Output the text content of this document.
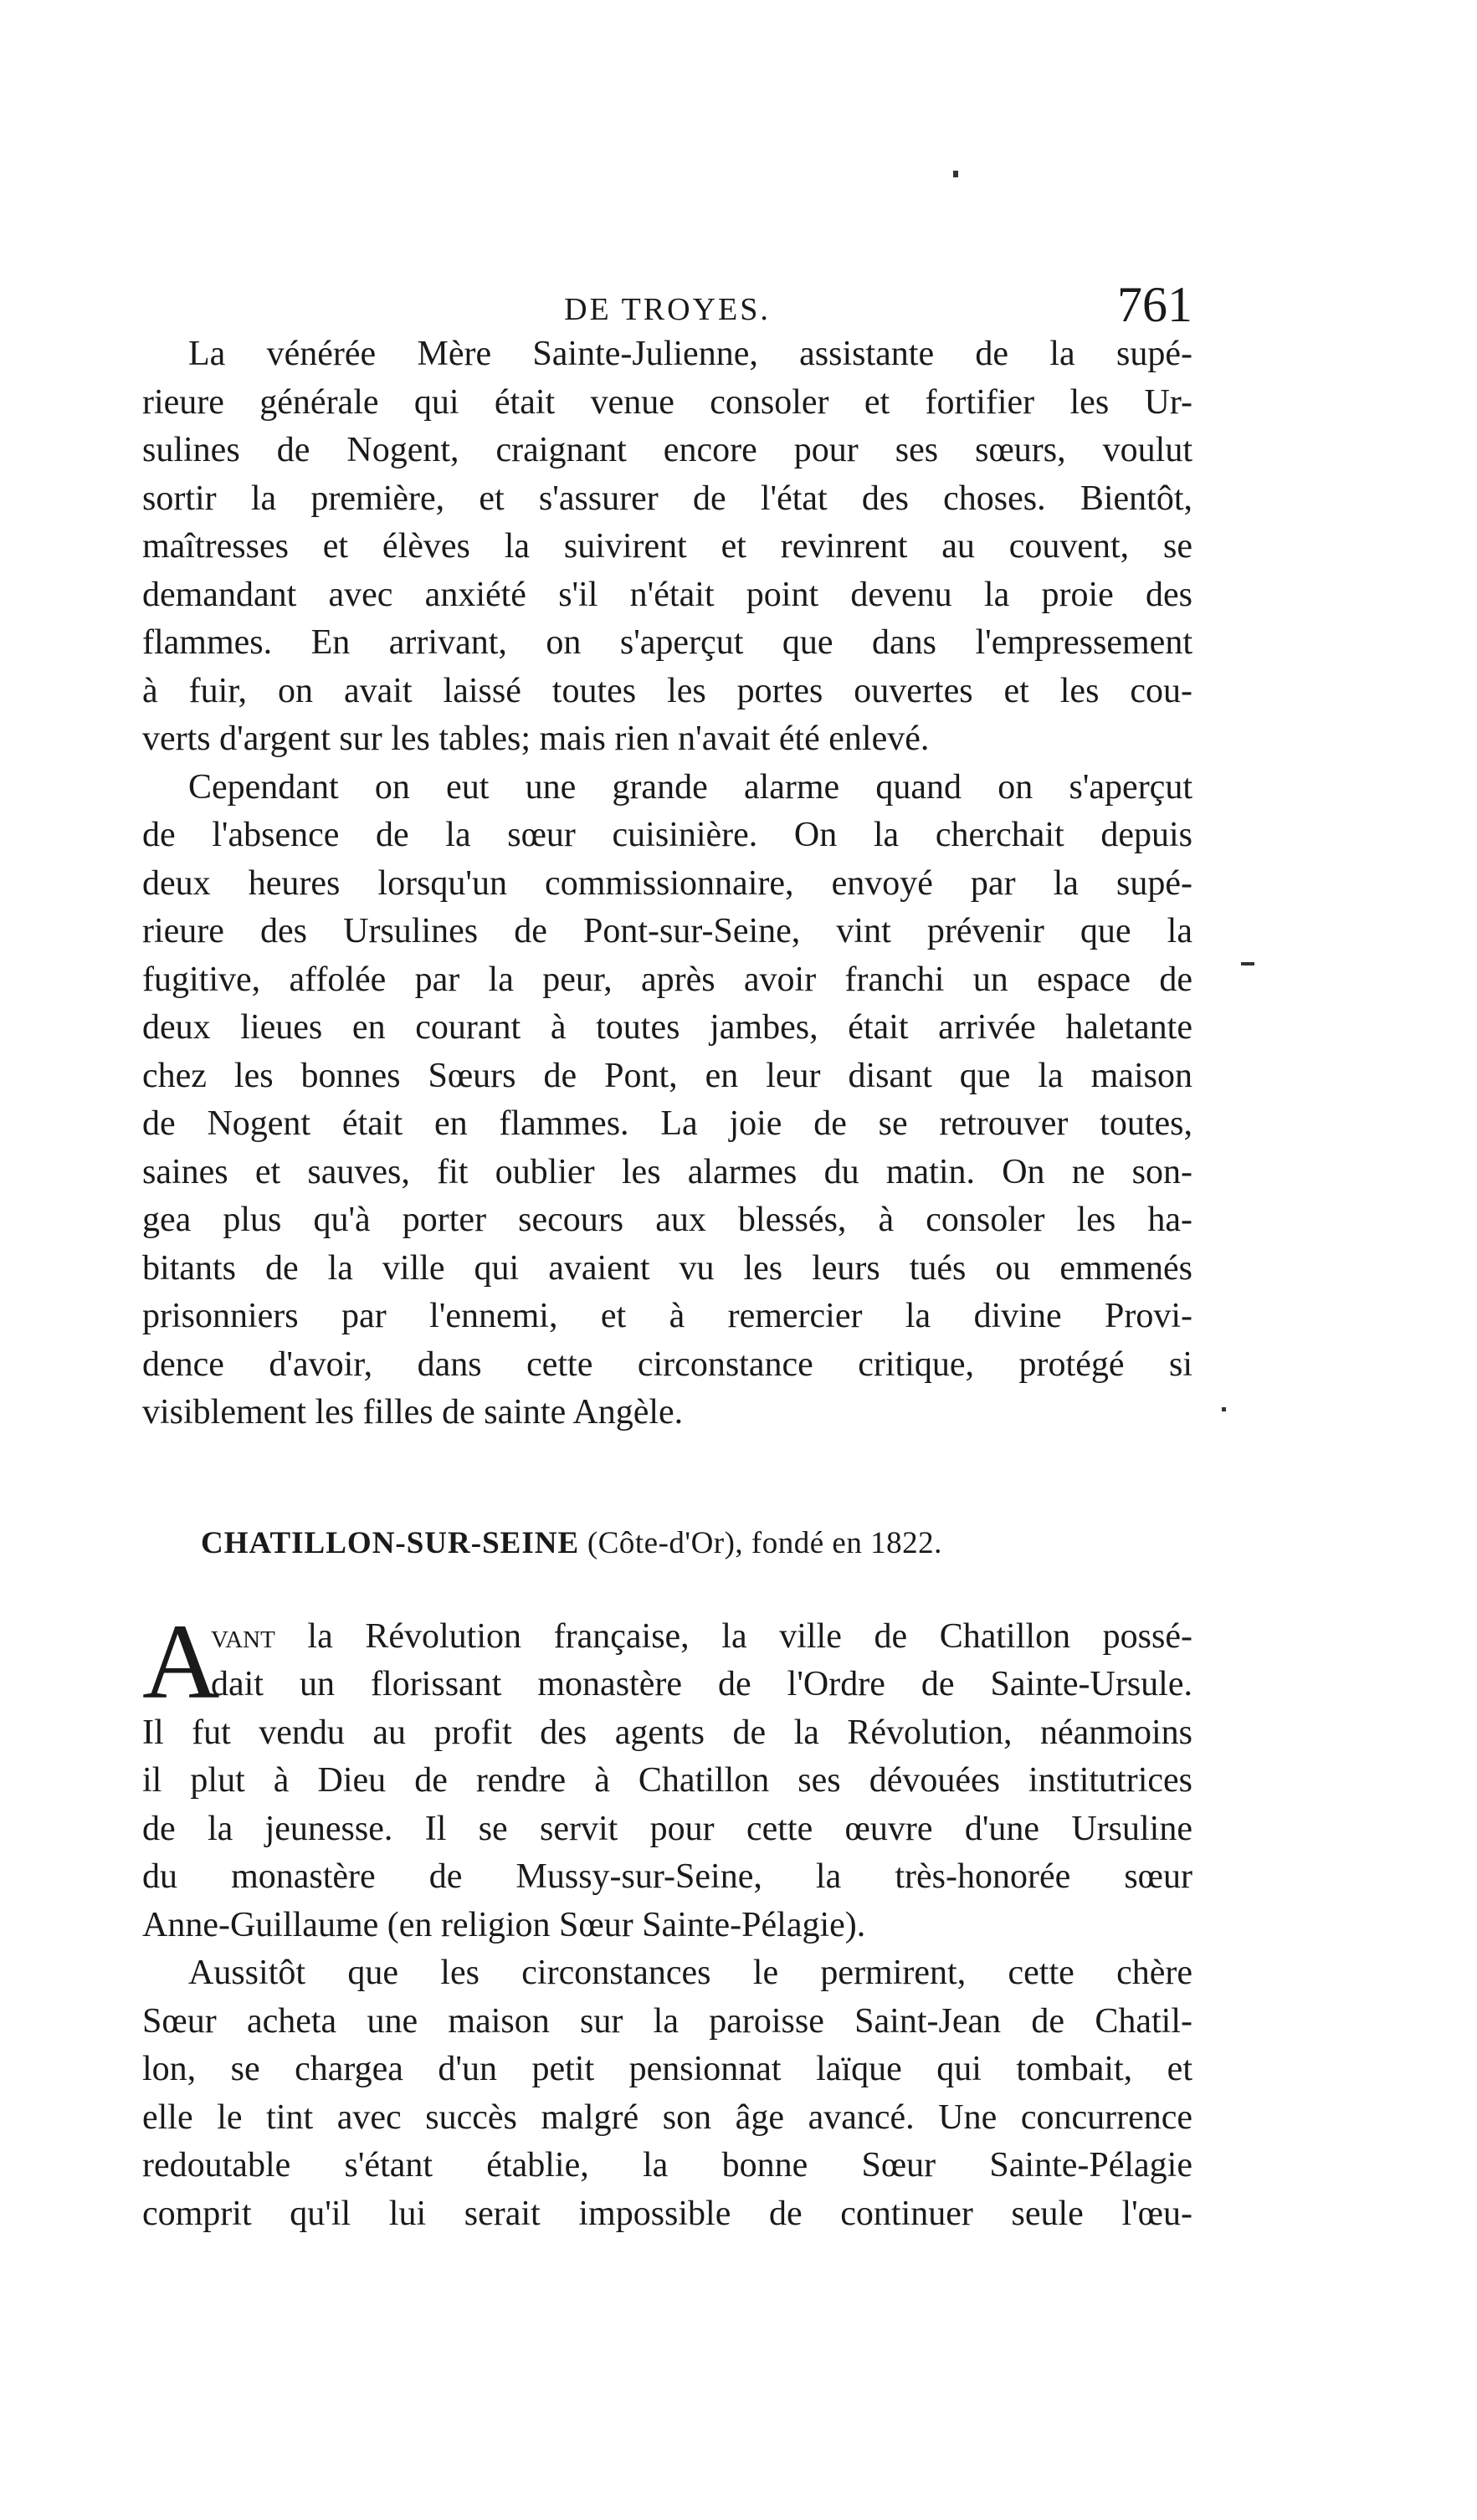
DE TROYES.	761
La vénérée Mère Sainte-Julienne, assistante de la supé-
rieure générale qui était venue consoler et fortifier les Ur-
sulines de Nogent, craignant encore pour ses sœurs, voulut
sortir la première, et s'assurer de l'état des choses. Bientôt,
maîtresses et élèves la suivirent et revinrent au couvent, se
demandant avec anxiété s'il n'était point devenu la proie des
flammes. En arrivant, on s'aperçut que dans l'empressement
à fuir, on avait laissé toutes les portes ouvertes et les cou-
verts d'argent sur les tables; mais rien n'avait été enlevé.
Cependant on eut une grande alarme quand on s'aperçut
de l'absence de la sœur cuisinière. On la cherchait depuis
deux heures lorsqu'un commissionnaire, envoyé par la supé-
rieure des Ursulines de Pont-sur-Seine, vint prévenir que la
fugitive, affolée par la peur, après avoir franchi un espace de
deux lieues en courant à toutes jambes, était arrivée haletante
chez les bonnes Sœurs de Pont, en leur disant que la maison
de Nogent était en flammes. La joie de se retrouver toutes,
saines et sauves, fit oublier les alarmes du matin. On ne son-
gea plus qu'à porter secours aux blessés, à consoler les ha-
bitants de la ville qui avaient vu les leurs tués ou emmenés
prisonniers par l'ennemi, et à remercier la divine Provi-
dence d'avoir, dans cette circonstance critique, protégé si
visiblement les filles de sainte Angèle.
CHATILLON-SUR-SEINE (Côte-d'Or), fondé en 1822.
A
vant la Révolution française, la ville de Chatillon possé-
dait un florissant monastère de l'Ordre de Sainte-Ursule.
Il fut vendu au profit des agents de la Révolution, néanmoins
il plut à Dieu de rendre à Chatillon ses dévouées institutrices
de la jeunesse. Il se servit pour cette œuvre d'une Ursuline
du monastère de Mussy-sur-Seine, la très-honorée sœur
Anne-Guillaume (en religion Sœur Sainte-Pélagie).
Aussitôt que les circonstances le permirent, cette chère
Sœur acheta une maison sur la paroisse Saint-Jean de Chatil-
lon, se chargea d'un petit pensionnat laïque qui tombait, et
elle le tint avec succès malgré son âge avancé. Une concurrence
redoutable s'étant établie, la bonne Sœur Sainte-Pélagie
comprit qu'il lui serait impossible de continuer seule l'œu-
